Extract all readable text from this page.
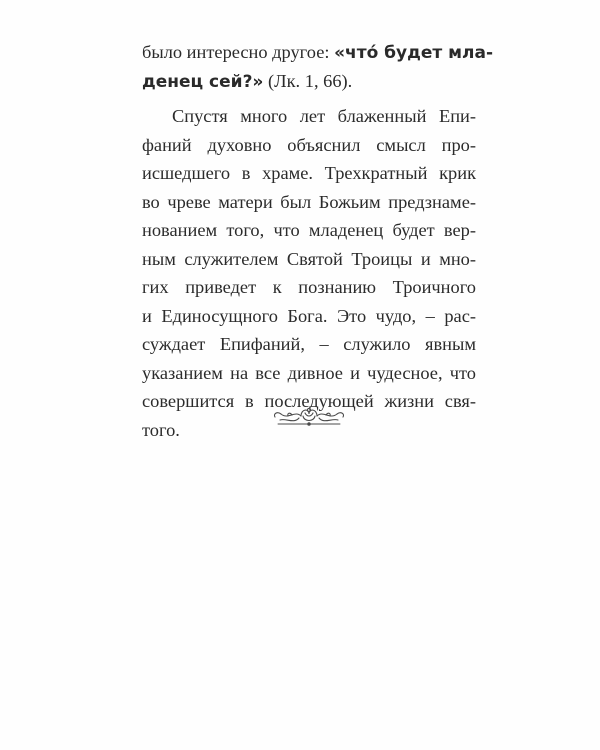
было интересно другое: «что́ будет мла-
денец сей?» (Лк. 1, 66).
Спустя много лет блаженный Епи-
фаний духовно объяснил смысл про-
исшедшего в храме. Трехкратный крик
во чреве матери был Божьим предзнаме-
нованием того, что младенец будет вер-
ным служителем Святой Троицы и мно-
гих приведет к познанию Троичного
и Единосущного Бога. Это чудо, – рас-
суждает Епифаний, – служило явным
указанием на все дивное и чудесное, что
совершится в последующей жизни свя-
того.
